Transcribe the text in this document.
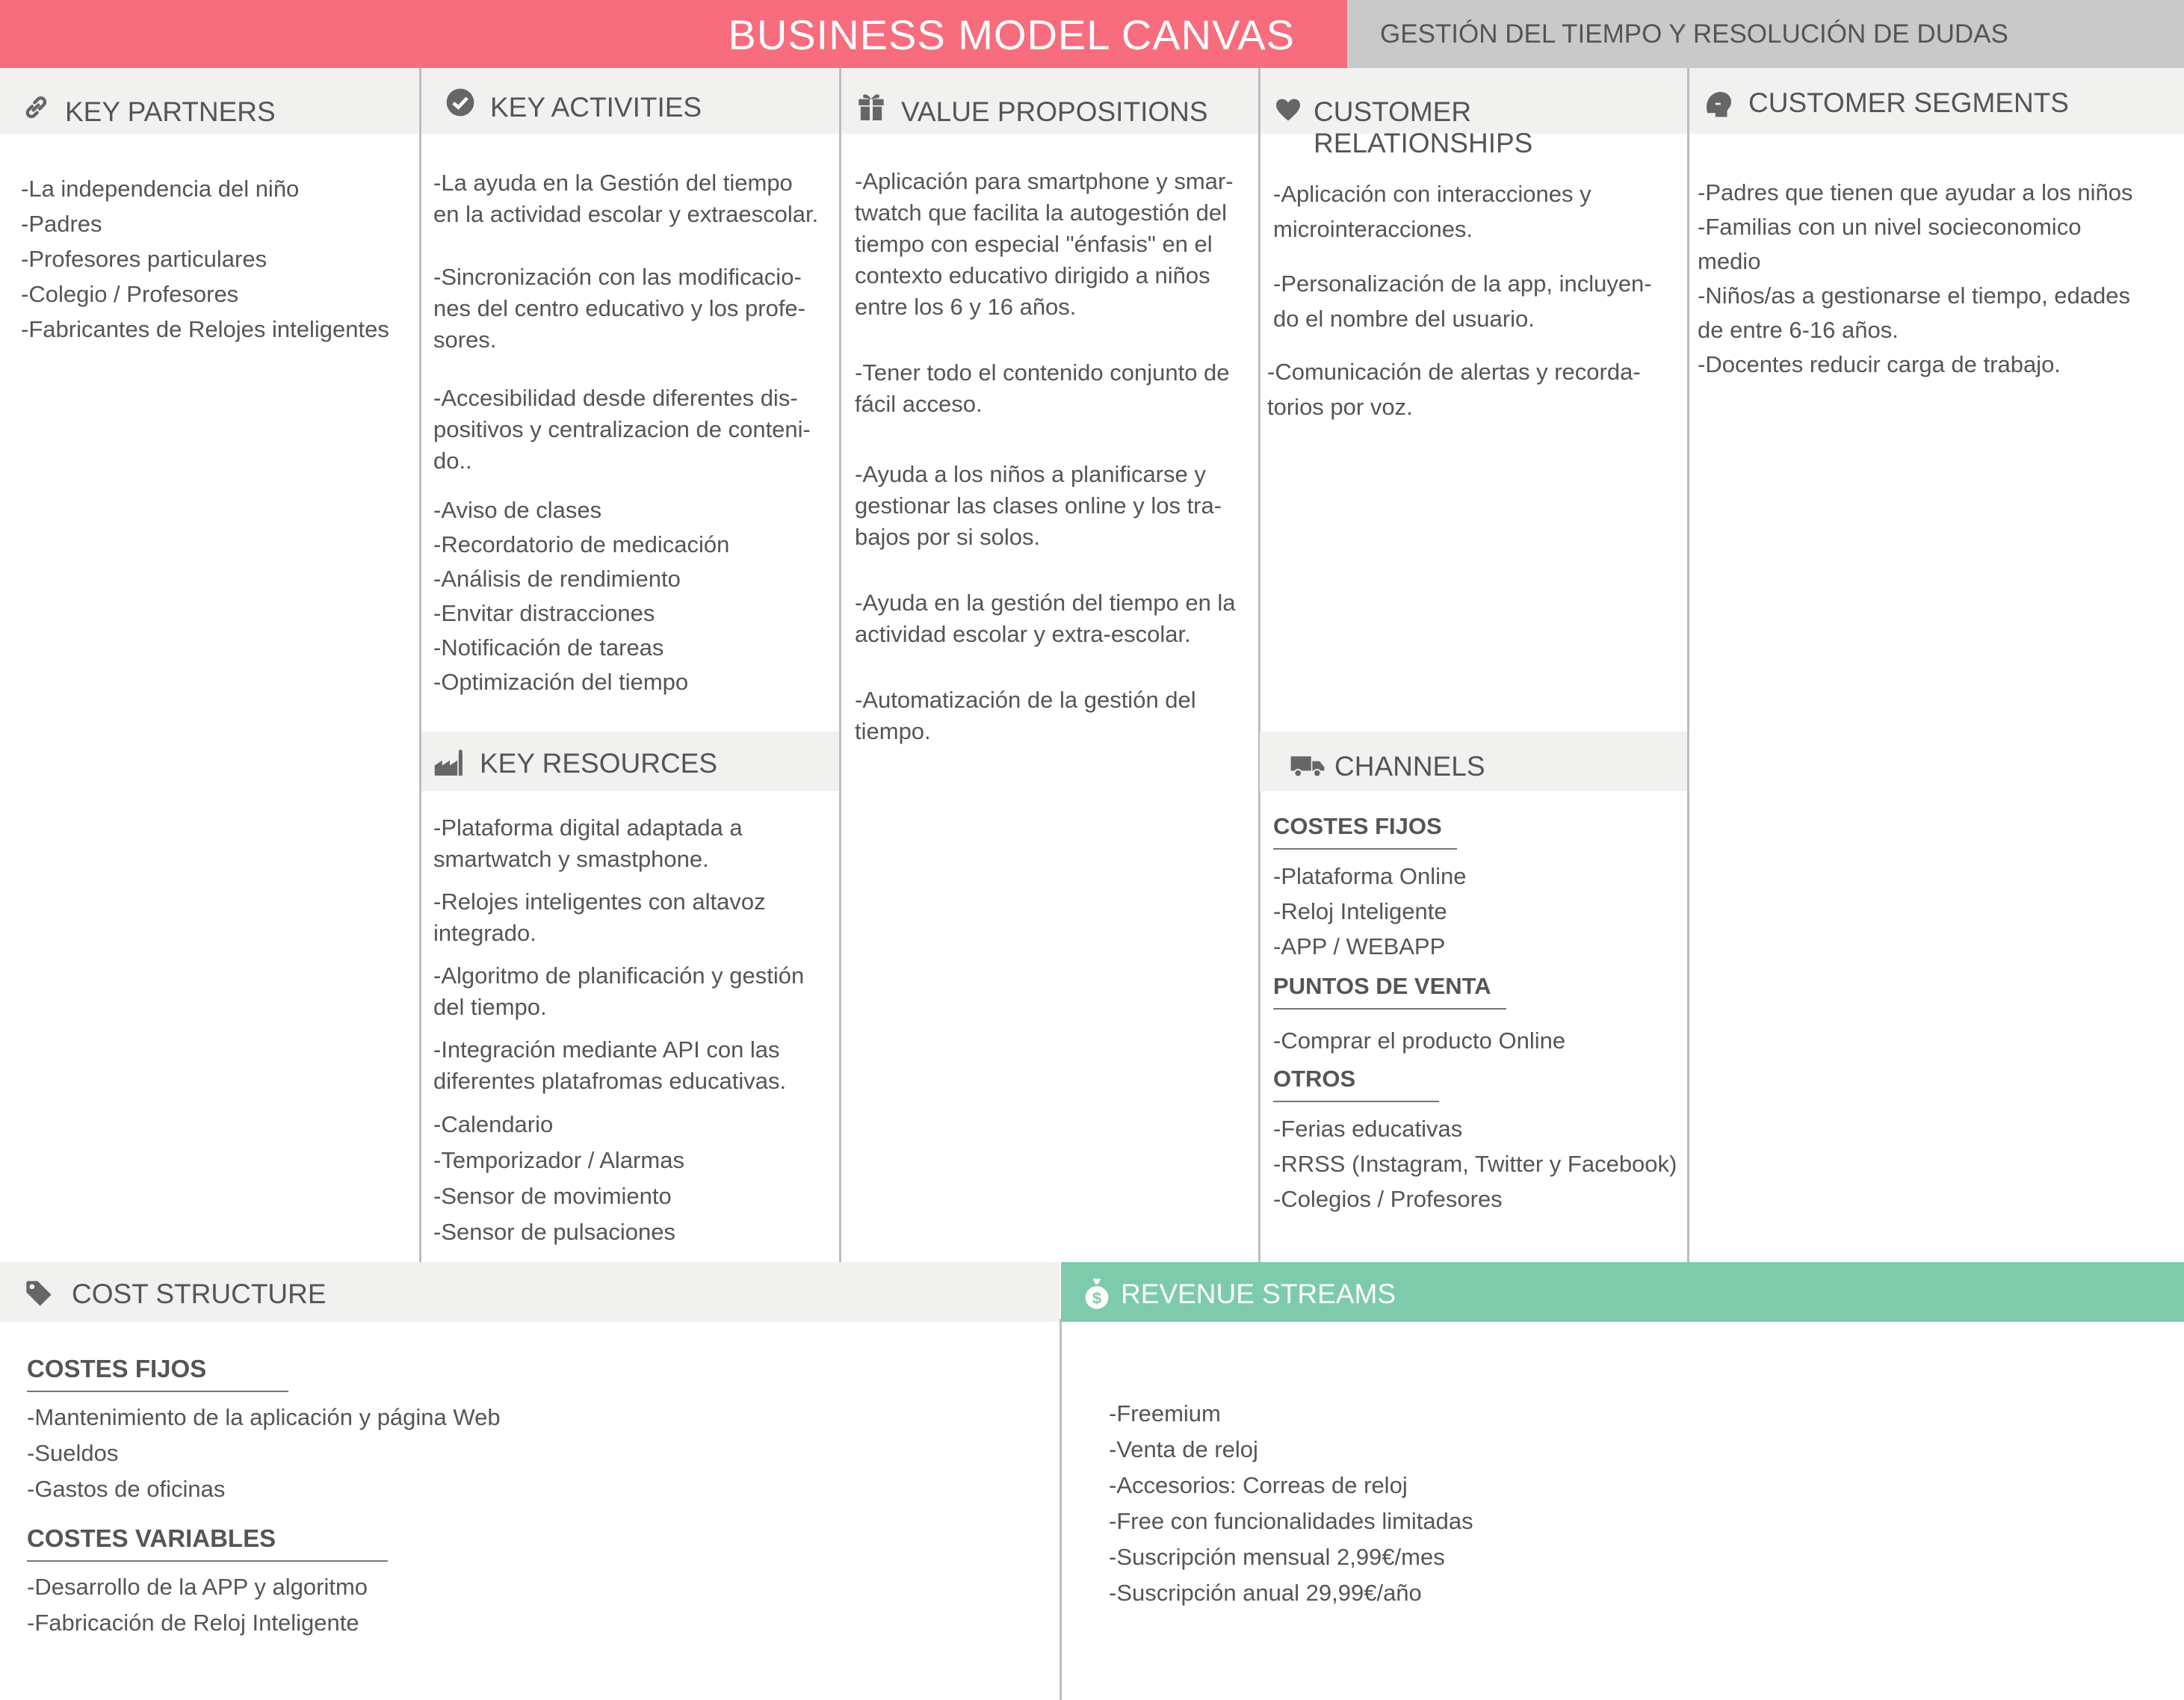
BUSINESS MODEL CANVAS	GESTIÓN DEL TIEMPO Y RESOLUCIÓN DE DUDAS
KEY PARTNERS	KEY ACTIVITIES	VALUE PROPOSITIONS	CUSTOMER RELATIONSHIPS
CUSTOMER SEGMENTS

-La independencia del niño

-Padres

-Profesores particulares

-Colegio / Profesores

-Fabricantes de Relojes inteligentes

-La ayuda en la Gestión del tiempo

en la actividad escolar y extraescolar.

-Sincronización con las modificacio-

nes del centro educativo y los profe-

sores.

-Accesibilidad desde diferentes dis-

positivos y centralizacion de conteni-

do..

-Aviso de clases

-Recordatorio de medicación

-Análisis de rendimiento

-Envitar distracciones

-Notificación de tareas

-Optimización del tiempo

KEY RESOURCES

-Plataforma digital adaptada a

smartwatch y smastphone.

-Relojes inteligentes con altavoz

integrado.

-Algoritmo de planificación y gestión

del tiempo.

-Integración mediante API con las

diferentes platafromas educativas.

-Calendario

-Temporizador / Alarmas

-Sensor de movimiento

-Sensor de pulsaciones

-Aplicación para smartphone y smar-

twatch que facilita la autogestión del

tiempo con especial "énfasis" en el

contexto educativo dirigido a niños

entre los 6 y 16 años.

-Tener todo el contenido conjunto de

fácil acceso.

-Ayuda a los niños a planificarse y

gestionar las clases online y los tra-

bajos por si solos.

-Ayuda en la gestión del tiempo en la

actividad escolar y extra-escolar.

-Automatización de la gestión del

tiempo.

-Aplicación con interacciones y

microinteracciones.

-Personalización de la app, incluyen-

do el nombre del usuario.

-Comunicación de alertas y recorda-

torios por voz.

CHANNELS
COSTES FIJOS

-Plataforma Online

-Reloj Inteligente

-APP / WEBAPP

PUNTOS DE VENTA

-Comprar el producto Online

OTROS

-Ferias educativas

-RRSS (Instagram, Twitter y Facebook)

-Colegios / Profesores

-Padres que tienen que ayudar a los niños

-Familias con un nivel socieconomico

medio

-Niños/as a gestionarse el tiempo, edades

de entre 6-16 años.

-Docentes reducir carga de trabajo.

COST STRUCTURE
COSTES FIJOS

-Mantenimiento de la aplicación y página Web

-Sueldos

-Gastos de oficinas

COSTES VARIABLES

-Desarrollo de la APP y algoritmo

-Fabricación de Reloj Inteligente

$ REVENUE STREAMS

-Freemium

-Venta de reloj

-Accesorios: Correas de reloj

-Free con funcionalidades limitadas

-Suscripción mensual 2,99€/mes

-Suscripción anual 29,99€/año
